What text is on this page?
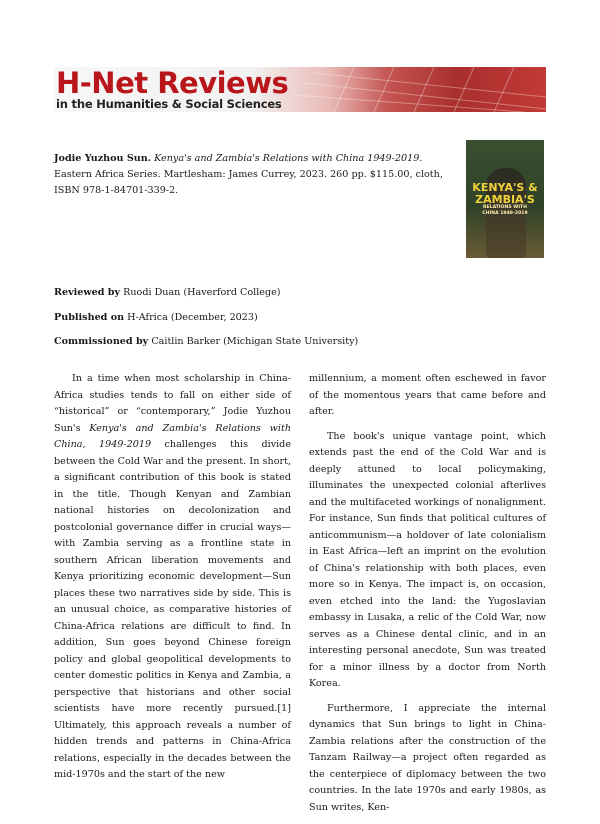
H-Net Reviews
in the Humanities & Social Sciences
Jodie Yuzhou Sun. Kenya's and Zambia's Relations with China 1949-2019. Eastern Africa Series. Martlesham: James Currey, 2023. 260 pp. $115.00, cloth, ISBN 978-1-84701-339-2.	KENYA'S &
ZAMBIA'S
RELATIONS WITH
CHINA 1949-2019
Reviewed by Ruodi Duan (Haverford College)
Published on H-Africa (December, 2023)
Commissioned by Caitlin Barker (Michigan State University)

In a time when most scholarship in China-Africa studies tends to fall on either side of “historical” or “contemporary,” Jodie Yuzhou Sun's Kenya's and Zambia's Relations with China, 1949-2019 challenges this divide between the Cold War and the present. In short, a significant contribution of this book is stated in the title. Though Kenyan and Zambian national histories on decolonization and postcolonial governance differ in crucial ways—with Zambia serving as a frontline state in southern African liberation movements and Kenya prioritizing economic development—Sun places these two narratives side by side. This is an unusual choice, as comparative histories of China-Africa relations are difficult to find. In addition, Sun goes beyond Chinese foreign policy and global geopolitical developments to center domestic politics in Kenya and Zambia, a perspective that historians and other social scientists have more recently pursued.[1] Ultimately, this approach reveals a number of hidden trends and patterns in China-Africa relations, especially in the decades between the mid-1970s and the start of the new

millennium, a moment often eschewed in favor of the momentous years that came before and after.

The book's unique vantage point, which extends past the end of the Cold War and is deeply attuned to local policymaking, illuminates the unexpected colonial afterlives and the multifaceted workings of nonalignment. For instance, Sun finds that political cultures of anticommunism—a holdover of late colonialism in East Africa—left an imprint on the evolution of China's relationship with both places, even more so in Kenya. The impact is, on occasion, even etched into the land: the Yugoslavian embassy in Lusaka, a relic of the Cold War, now serves as a Chinese dental clinic, and in an interesting personal anecdote, Sun was treated for a minor illness by a doctor from North Korea.

Furthermore, I appreciate the internal dynamics that Sun brings to light in China-Zambia relations after the construction of the Tanzam Railway—a project often regarded as the centerpiece of diplomacy between the two countries. In the late 1970s and early 1980s, as Sun writes, Ken-
